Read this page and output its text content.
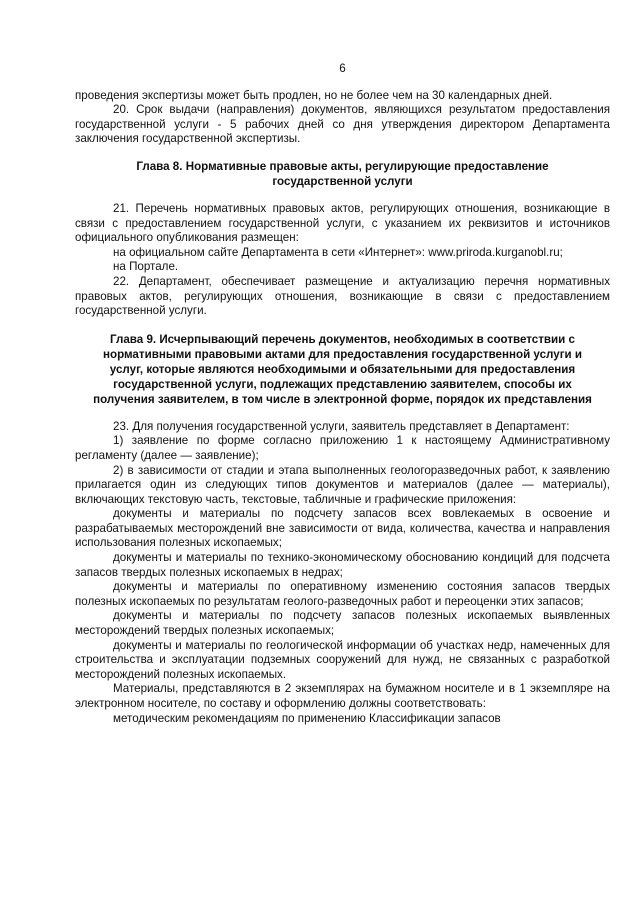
6
проведения экспертизы может быть продлен, но не более чем на 30 календарных дней.
20. Срок выдачи (направления) документов, являющихся результатом предоставления государственной услуги - 5 рабочих дней со дня утверждения директором Департамента заключения государственной экспертизы.
Глава 8. Нормативные правовые акты, регулирующие предоставление государственной услуги
21. Перечень нормативных правовых актов, регулирующих отношения, возникающие в связи с предоставлением государственной услуги, с указанием их реквизитов и источников официального опубликования размещен:
на официальном сайте Департамента в сети «Интернет»: www.priroda.kurganobl.ru;
на Портале.
22. Департамент, обеспечивает размещение и актуализацию перечня нормативных правовых актов, регулирующих отношения, возникающие в связи с предоставлением государственной услуги.
Глава 9. Исчерпывающий перечень документов, необходимых в соответствии с нормативными правовыми актами для предоставления государственной услуги и услуг, которые являются необходимыми и обязательными для предоставления государственной услуги, подлежащих представлению заявителем, способы их получения заявителем, в том числе в электронной форме, порядок их представления
23. Для получения государственной услуги, заявитель представляет в Департамент:
1) заявление по форме согласно приложению 1 к настоящему Административному регламенту (далее — заявление);
2) в зависимости от стадии и этапа выполненных геологоразведочных работ, к заявлению прилагается один из следующих типов документов и материалов (далее — материалы), включающих текстовую часть, текстовые, табличные и графические приложения:
документы и материалы по подсчету запасов всех вовлекаемых в освоение и разрабатываемых месторождений вне зависимости от вида, количества, качества и направления использования полезных ископаемых;
документы и материалы по технико-экономическому обоснованию кондиций для подсчета запасов твердых полезных ископаемых в недрах;
документы и материалы по оперативному изменению состояния запасов твердых полезных ископаемых по результатам геолого-разведочных работ и переоценки этих запасов;
документы и материалы по подсчету запасов полезных ископаемых выявленных месторождений твердых полезных ископаемых;
документы и материалы по геологической информации об участках недр, намеченных для строительства и эксплуатации подземных сооружений для нужд, не связанных с разработкой месторождений полезных ископаемых.
Материалы, представляются в 2 экземплярах на бумажном носителе и в 1 экземпляре на электронном носителе, по составу и оформлению должны соответствовать:
методическим рекомендациям по применению Классификации запасов
